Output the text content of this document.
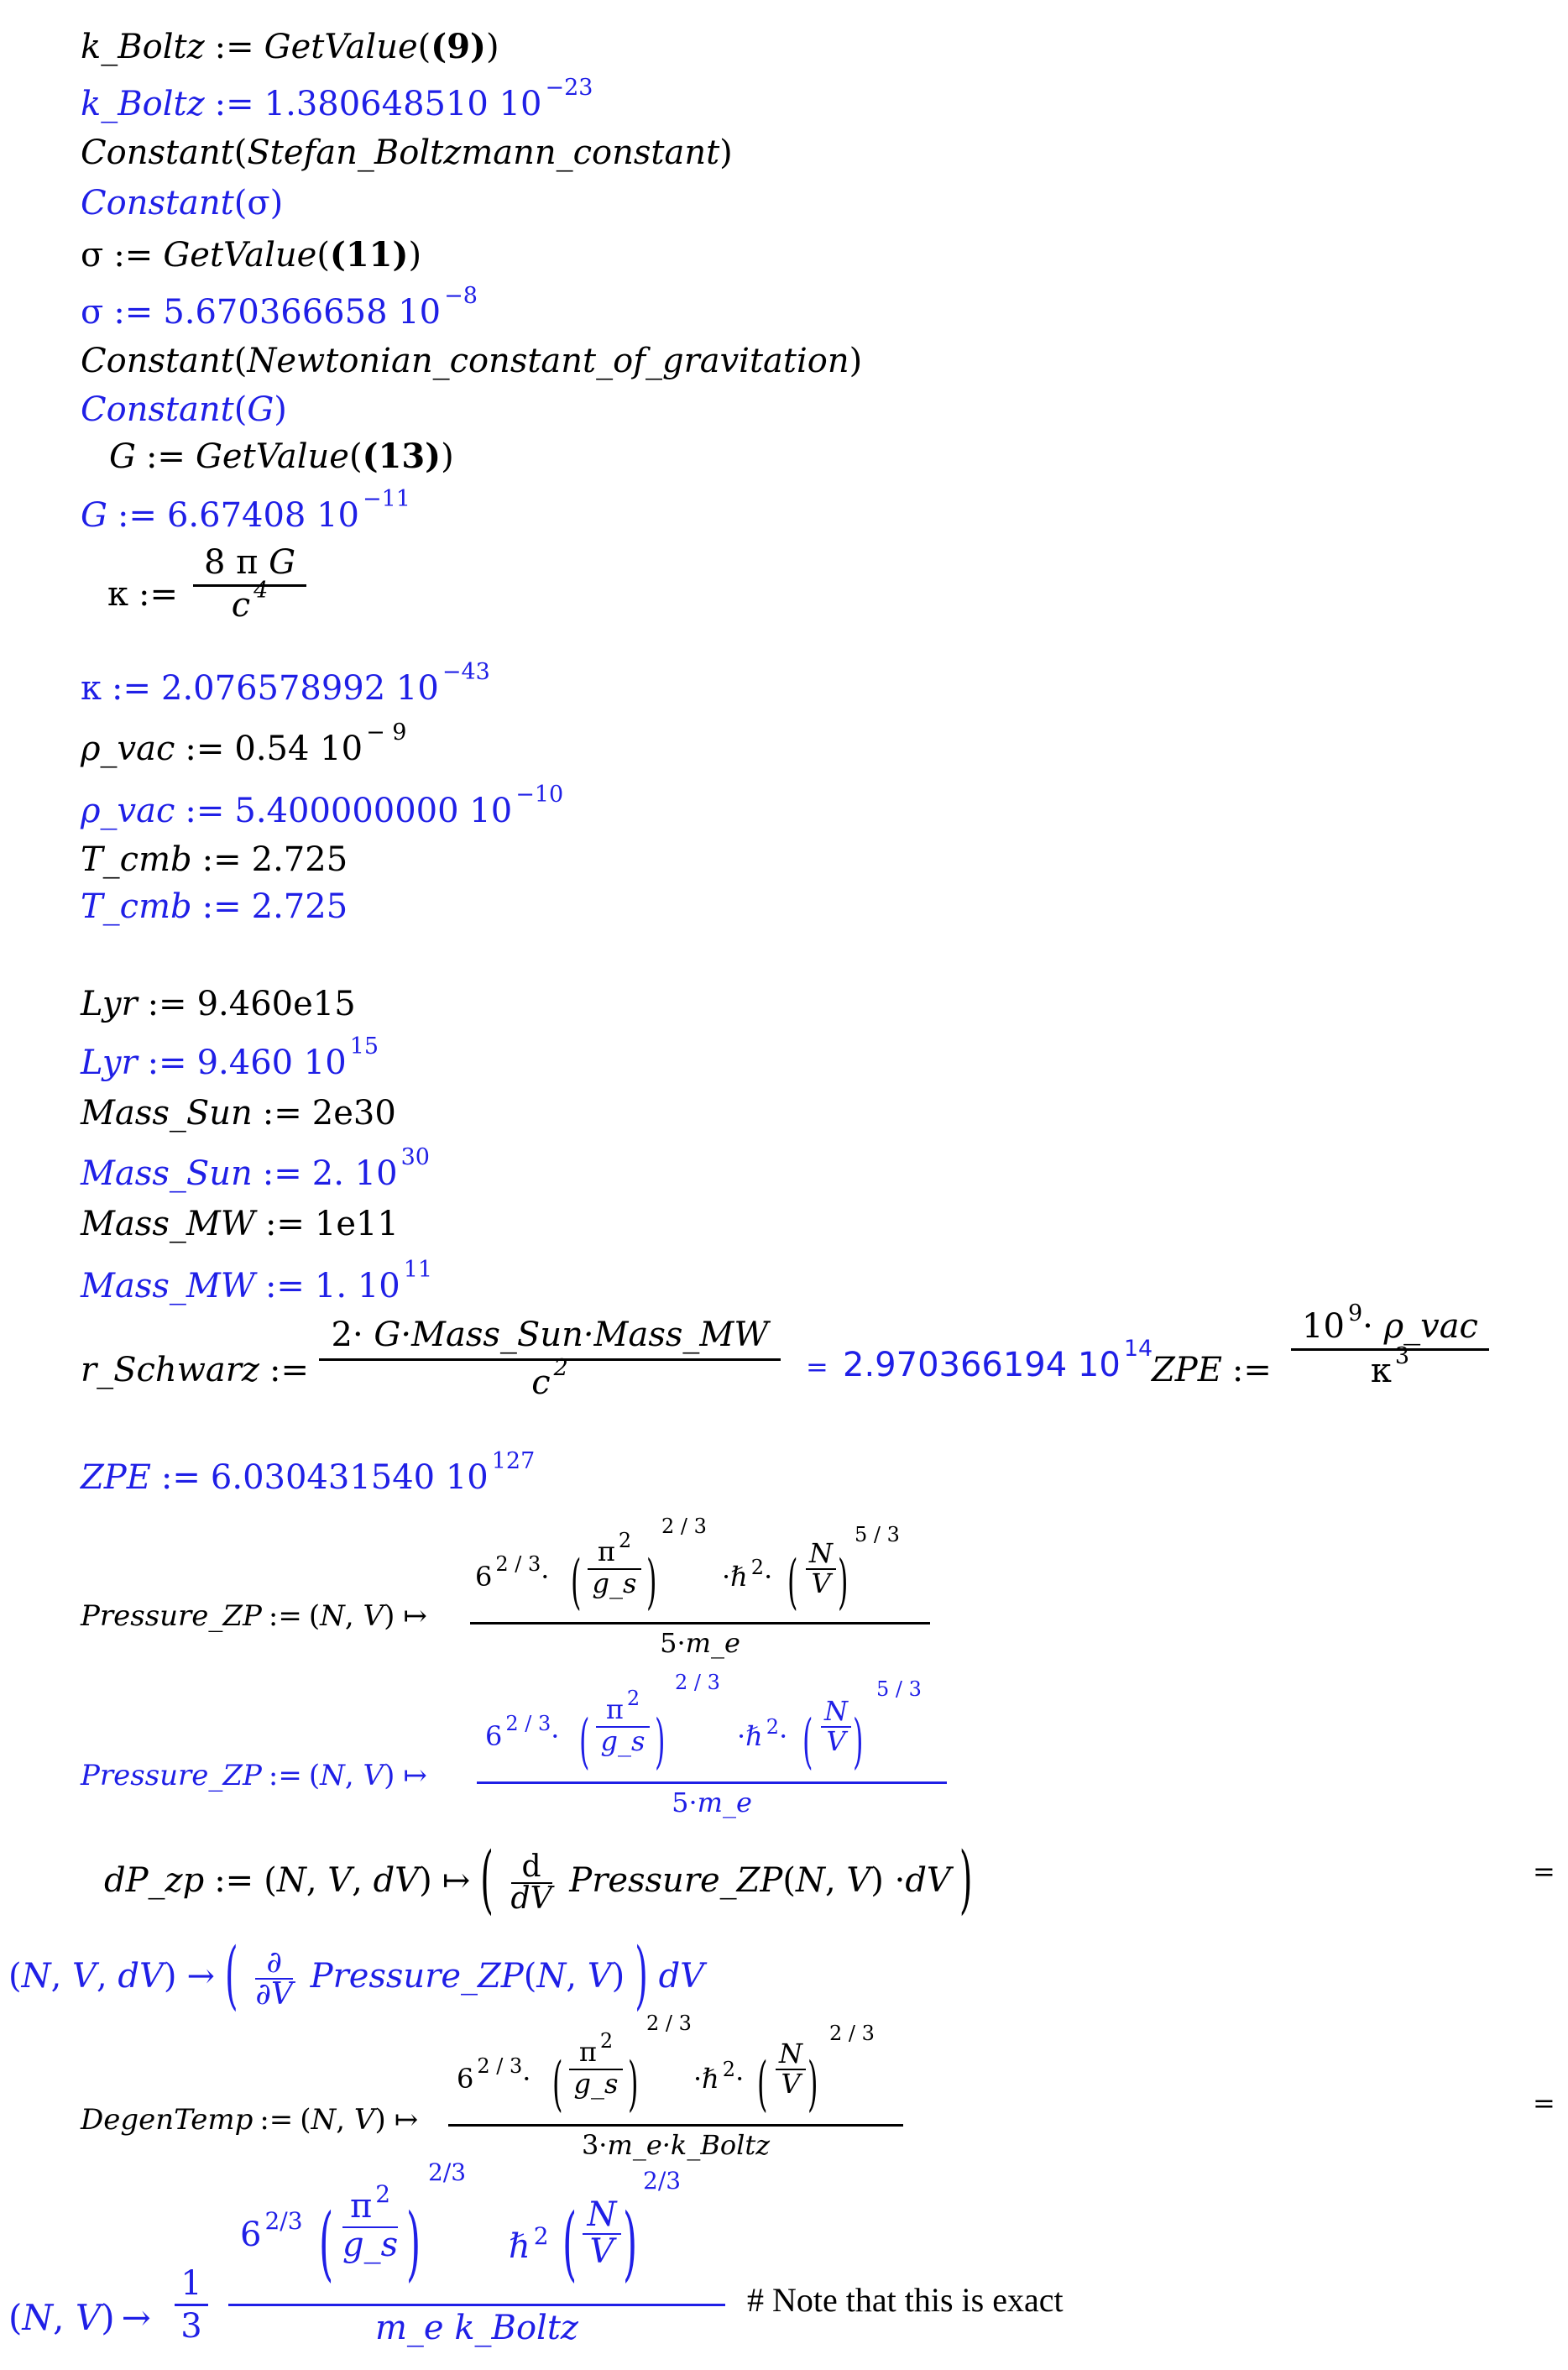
k_Boltz := GetValue((9))
k_Boltz := 1.380648510 10 $^{-23}$
Constant(Stefan_Boltzmann_constant)
Constant(σ)
σ := GetValue((11))
σ := 5.670366658 10 $^{-8}$
Constant(Newtonian_constant_of_gravitation)
Constant(G)
G := GetValue((13))
G := 6.67408 10 $^{-11}$
κ :=
8 π G
c $^4$
κ := 2.076578992 10 $^{-43}$
ρ_vac := 0.54 10 $^{- 9}$
ρ_vac := 5.400000000 10 $^{-10}$
T_cmb := 2.725
T_cmb := 2.725
Lyr := 9.460e15
Lyr := 9.460 10 $^{15}$
Mass_Sun := 2e30
Mass_Sun := 2. 10 $^{30}$
Mass_MW := 1e11
Mass_MW := 1. 10 $^{11}$
r_Schwarz :=
2· G·Mass_Sun·Mass_MW
c $^2$	= 2.970366194 10 $^{14}$
ZPE :=
10 $^9$· ρ_vac
κ $^3$
ZPE := 6.030431540 10 $^{127}$
Pressure_ZP := (N, V) ↦
6 $^{2 / 3}$· ( π $^2$
g_s )
2 / 3
·ℏ $^2$· ( N
V )
5 / 3
5·m_e
Pressure_ZP := (N, V) ↦
6 $^{2 / 3}$· ( π $^2$
g_s )
2 / 3
·ℏ $^2$· ( N
V )
5 / 3
5·m_e
dP_zp := (N, V, dV) ↦ ( $\frac{d}{dV}$ Pressure_ZP(N, V) ·dV )	=
(N, V, dV) → ( ∂
∂V Pressure_ZP(N, V) ) dV
DegenTemp := (N, V) ↦
6 $^{2 / 3}$· ( π $^2$
g_s )
2 / 3
·ℏ $^2$· ( N
V )
2 / 3
3·m_e·k_Boltz
=
(N, V) →
1
3
6 $^{2/3}$ ( π $^2$
g_s )
2/3
ℏ $^2$ ( N
V )
2/3
m_e k_Boltz
# Note that this is exact
